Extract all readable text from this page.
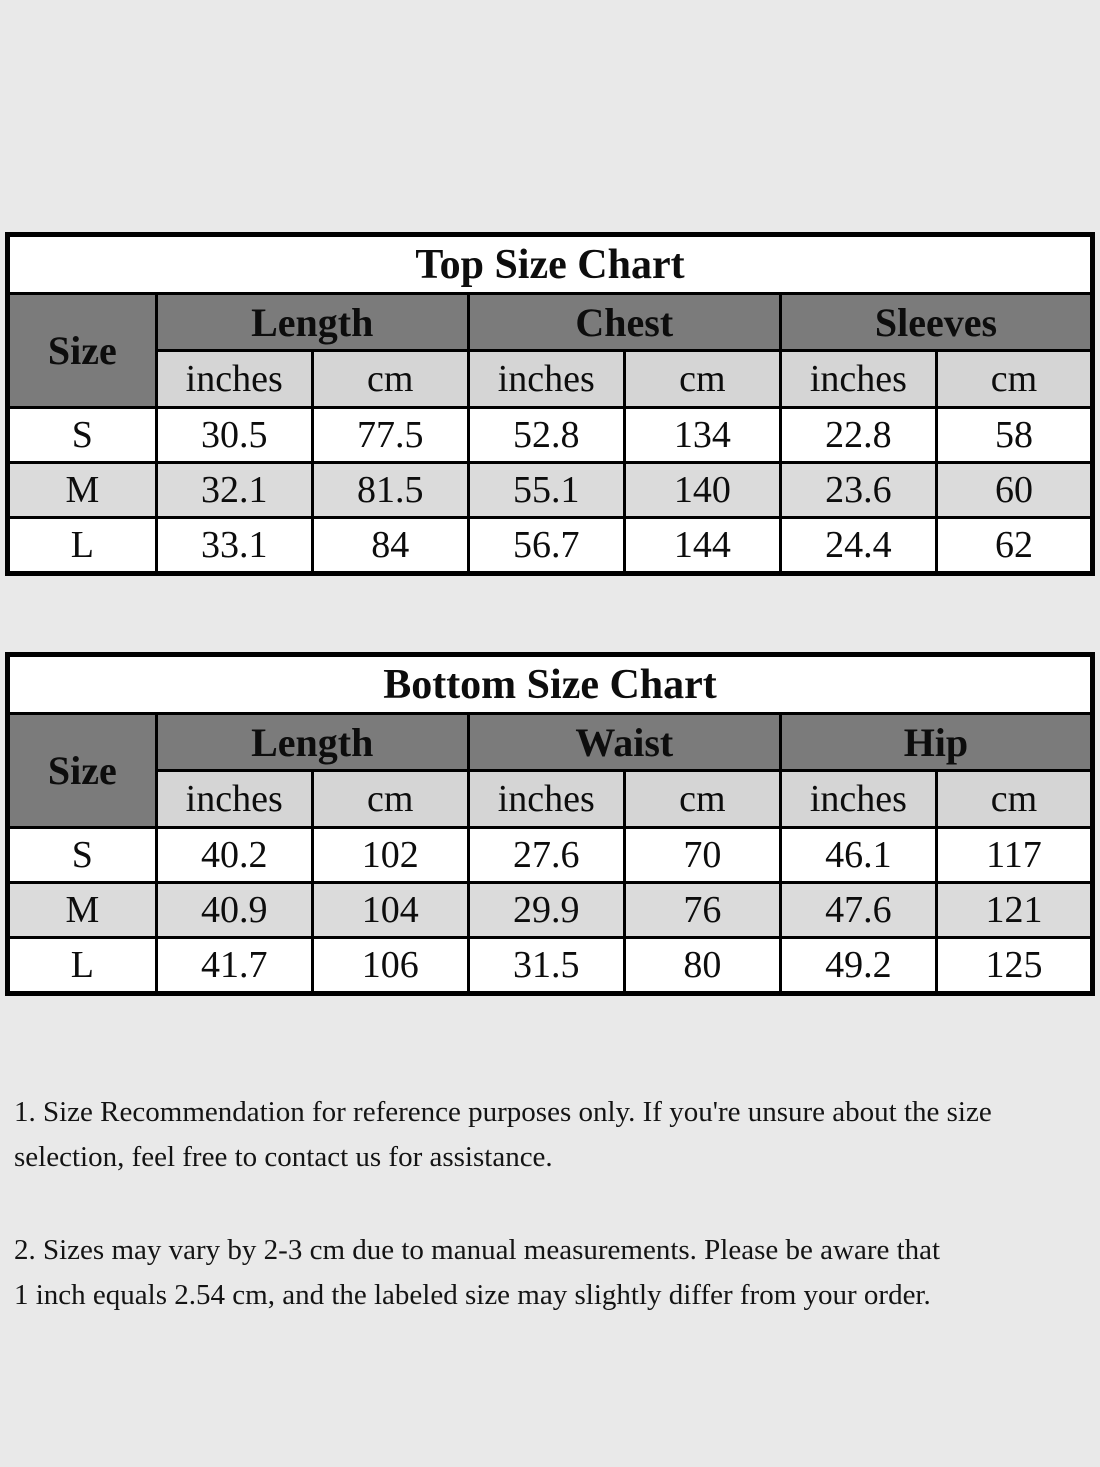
Top Size Chart						
Size	Length		Chest		Sleeves	
	inches	cm	inches	cm	inches	cm
S	30.5	77.5	52.8	134	22.8	58
M	32.1	81.5	55.1	140	23.6	60
L	33.1	84	56.7	144	24.4	62
Bottom Size Chart						
Size	Length		Waist		Hip	
	inches	cm	inches	cm	inches	cm
S	40.2	102	27.6	70	46.1	117
M	40.9	104	29.9	76	47.6	121
L	41.7	106	31.5	80	49.2	125

1. Size Recommendation for reference purposes only. If you're unsure about the size
selection, feel free to contact us for assistance.

2. Sizes may vary by 2-3 cm due to manual measurements. Please be aware that
1 inch equals 2.54 cm, and the labeled size may slightly differ from your order.
